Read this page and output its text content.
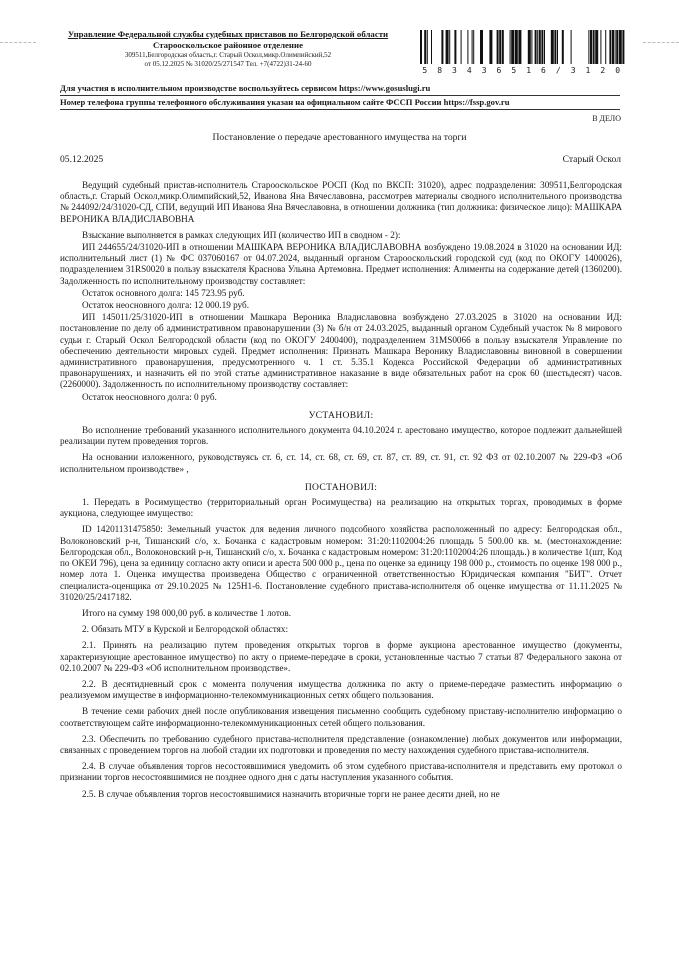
Управление Федеральной службы судебных приставов по Белгородской области
Старооскольское районное отделение
309511,Белгородская область,г. Старый Оскол,микр.Олимпийский,52
от 05.12.2025 № 31020/25/271547 Тел. +7(4722)31-24-60
5 8 3 4 3 6 5 1 6 / 3 1 2 0
Для участия в исполнительном производстве воспользуйтесь сервисом https://www.gosuslugi.ru
Номер телефона группы телефонного обслуживания указан на официальном сайте ФССП России https://fssp.gov.ru
В ДЕЛО
Постановление о передаче арестованного имущества на торги
05.12.2025	Старый Оскол

Ведущий судебный пристав-исполнитель Старооскольское РОСП (Код по ВКСП: 31020), адрес подразделения: 309511,Белгородская область,г. Старый Оскол,микр.Олимпийский,52, Иванова Яна Вячеславовна, рассмотрев материалы сводного исполнительного производства № 244092/24/31020-СД, СПИ, ведущий ИП Иванова Яна Вячеславовна, в отношении должника (тип должника: физическое лицо): МАШКАРА ВЕРОНИКА ВЛАДИСЛАВОВНА

Взыскание выполняется в рамках следующих ИП (количество ИП в сводном - 2):

ИП 244655/24/31020-ИП в отношении МАШКАРА ВЕРОНИКА ВЛАДИСЛАВОВНА возбуждено 19.08.2024 в 31020 на основании ИД: исполнительный лист (1) № ФС 037060167 от 04.07.2024, выданный органом Старооскольский городской суд (код по ОКОГУ 1400026), подразделением 31RS0020 в пользу взыскателя Краснова Ульяна Артемовна. Предмет исполнения: Алименты на содержание детей (1360200). Задолженность по исполнительному производству составляет:

Остаток основного долга: 145 723.95 руб.

Остаток неосновного долга: 12 000.19 руб.

ИП 145011/25/31020-ИП в отношении Машкара Вероника Владиславовна возбуждено 27.03.2025 в 31020 на основании ИД: постановление по делу об административном правонарушении (3) № б/н от 24.03.2025, выданный органом Судебный участок № 8 мирового судьи г. Старый Оскол Белгородской области (код по ОКОГУ 2400400), подразделением 31MS0066 в пользу взыскателя Управление по обеспечению деятельности мировых судей. Предмет исполнения: Признать Машкара Веронику Владиславовны виновной в совершении административного правонарушения, предусмотренного ч. 1 ст. 5.35.1 Кодекса Российской Федерации об административных правонарушениях, и назначить ей по этой статье административное наказание в виде обязательных работ на срок 60 (шестьдесят) часов. (2260000). Задолженность по исполнительному производству составляет:

Остаток неосновного долга: 0 руб.

УСТАНОВИЛ:

Во исполнение требований указанного исполнительного документа 04.10.2024 г. арестовано имущество, которое подлежит дальнейшей реализации путем проведения торгов.

На основании изложенного, руководствуясь ст. 6, ст. 14, ст. 68, ст. 69, ст. 87, ст. 89, ст. 91, ст. 92 ФЗ от 02.10.2007 № 229-ФЗ «Об исполнительном производстве» ,

ПОСТАНОВИЛ:

1. Передать в Росимущество (территориальный орган Росимущества) на реализацию на открытых торгах, проводимых в форме аукциона, следующее имущество:

ID 14201131475850: Земельный участок для ведения личного подсобного хозяйства расположенный по адресу: Белгородская обл., Волоконовский р-н, Тишанский с/о, х. Бочанка с кадастровым номером: 31:20:1102004:26 площадь 5 500.00 кв. м. (местонахождение: Белгородская обл., Волоконовский р-н, Тишанский с/о, х. Бочанка с кадастровым номером: 31:20:1102004:26 площадь.) в количестве 1(шт, Код по ОКЕИ 796), цена за единицу согласно акту описи и ареста 500 000 р., цена по оценке за единицу 198 000 р., стоимость по оценке 198 000 р., номер лота 1. Оценка имущества произведена Общество с ограниченной ответственностью Юридическая компания "БИТ". Отчет специалиста-оценщика от 29.10.2025 № 125Н1-6. Постановление судебного пристава-исполнителя об оценке имущества от 11.11.2025 № 31020/25/2417182.

Итого на сумму 198 000,00 руб. в количестве 1 лотов.

2. Обязать МТУ в Курской и Белгородской областях:

2.1. Принять на реализацию путем проведения открытых торгов в форме аукциона арестованное имущество (документы, характеризующие арестованное имущество) по акту о приеме-передаче в сроки, установленные частью 7 статьи 87 Федерального закона от 02.10.2007 № 229-ФЗ «Об исполнительном производстве».

2.2. В десятидневный срок с момента получения имущества должника по акту о приеме-передаче разместить информацию о реализуемом имуществе в информационно-телекоммуникационных сетях общего пользования.

В течение семи рабочих дней после опубликования извещения письменно сообщить судебному приставу-исполнителю информацию о соответствующем сайте информационно-телекоммуникационных сетей общего пользования.

2.3. Обеспечить по требованию судебного пристава-исполнителя представление (ознакомление) любых документов или информации, связанных с проведением торгов на любой стадии их подготовки и проведения по месту нахождения судебного пристава-исполнителя.

2.4. В случае объявления торгов несостоявшимися уведомить об этом судебного пристава-исполнителя и представить ему протокол о признании торгов несостоявшимися не позднее одного дня с даты наступления указанного события.

2.5. В случае объявления торгов несостоявшимися назначить вторичные торги не ранее десяти дней, но не
